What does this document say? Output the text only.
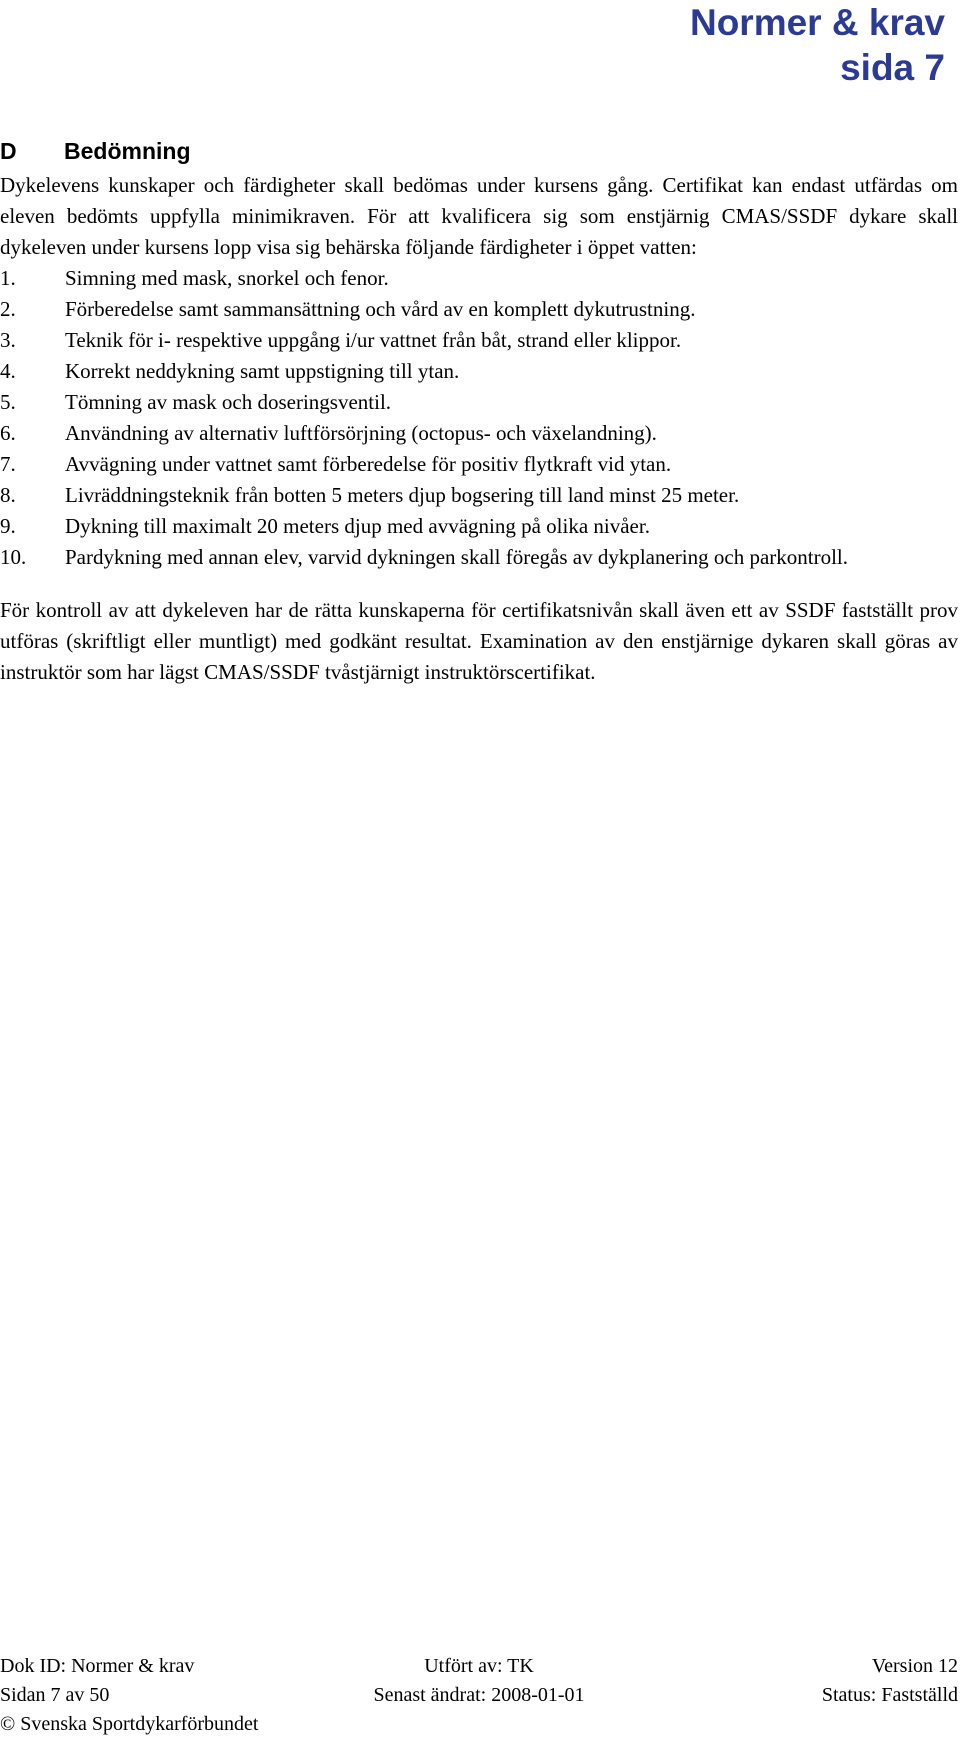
Normer & krav
sida 7
D	Bedömning

Dykelevens kunskaper och färdigheter skall bedömas under kursens gång. Certifikat kan endast utfärdas om eleven bedömts uppfylla minimikraven. För att kvalificera sig som enstjärnig CMAS/SSDF dykare skall dykeleven under kursens lopp visa sig behärska följande färdigheter i öppet vatten:

1.	Simning med mask, snorkel och fenor.
2.	Förberedelse samt sammansättning och vård av en komplett dykutrustning.
3.	Teknik för i- respektive uppgång i/ur vattnet från båt, strand eller klippor.
4.	Korrekt neddykning samt uppstigning till ytan.
5.	Tömning av mask och doseringsventil.
6.	Användning av alternativ luftförsörjning (octopus- och växelandning).
7.	Avvägning under vattnet samt förberedelse för positiv flytkraft vid ytan.
8.	Livräddningsteknik från botten 5 meters djup bogsering till land minst 25 meter.
9.	Dykning till maximalt 20 meters djup med avvägning på olika nivåer.
10.	Pardykning med annan elev, varvid dykningen skall föregås av dykplanering och parkontroll.

För kontroll av att dykeleven har de rätta kunskaperna för certifikatsnivån skall även ett av SSDF fastställt prov utföras (skriftligt eller muntligt) med godkänt resultat. Examination av den enstjärnige dykaren skall göras av instruktör som har lägst CMAS/SSDF tvåstjärnigt instruktörscertifikat.

Dok ID: Normer & krav	Utfört av: TK	Version 12
Sidan 7 av 50	Senast ändrat: 2008-01-01	Status: Fastställd
© Svenska Sportdykarförbundet
